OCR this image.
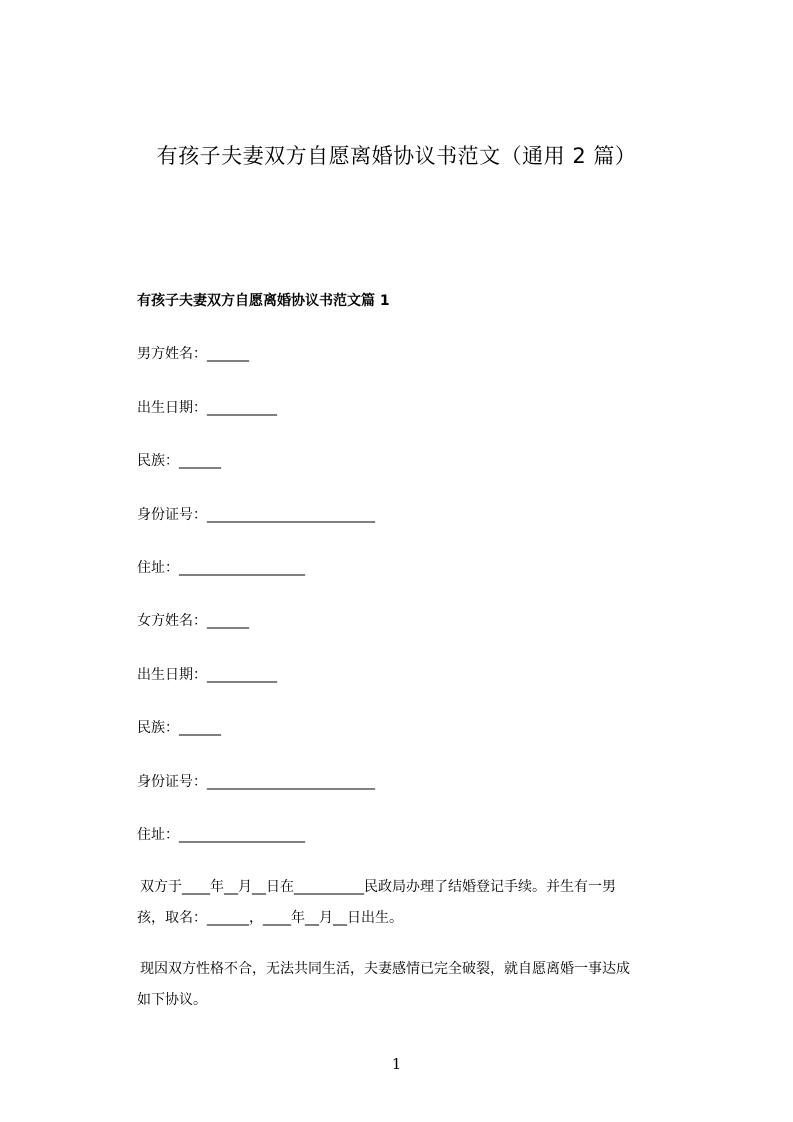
有孩子夫妻双方自愿离婚协议书范文（通用 2 篇）
有孩子夫妻双方自愿离婚协议书范文篇 1
男方姓名：______
出生日期：__________
民族：______
身份证号：________________________
住址：__________________
女方姓名：______
出生日期：__________
民族：______
身份证号：________________________
住址：__________________
双方于____年__月__日在__________民政局办理了结婚登记手续。并生有一男
孩，取名：______，____年__月__日出生。
现因双方性格不合，无法共同生活，夫妻感情已完全破裂，就自愿离婚一事达成
如下协议。
1
